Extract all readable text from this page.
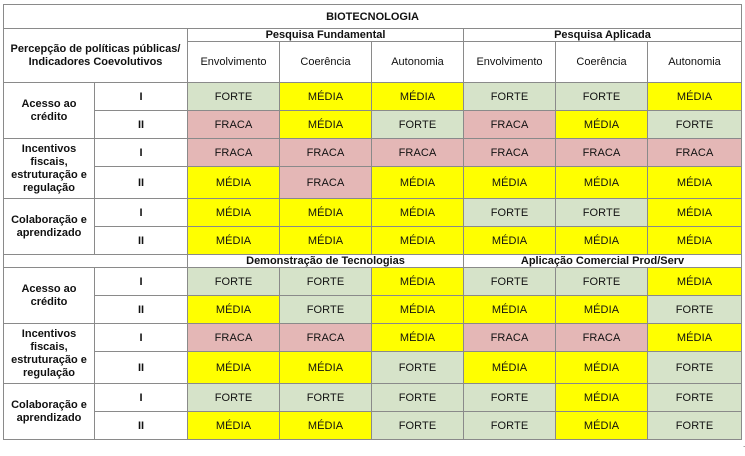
BIOTECNOLOGIA							
Percepção de políticas públicas/ Indicadores Coevolutivos		Pesquisa Fundamental			Pesquisa Aplicada		
		Envolvimento	Coerência	Autonomia	Envolvimento	Coerência	Autonomia
Acesso ao crédito	I	FORTE	MÉDIA	MÉDIA	FORTE	FORTE	MÉDIA
	II	FRACA	MÉDIA	FORTE	FRACA	MÉDIA	FORTE
Incentivos fiscais, estruturação e regulação	I	FRACA	FRACA	FRACA	FRACA	FRACA	FRACA
	II	MÉDIA	FRACA	MÉDIA	MÉDIA	MÉDIA	MÉDIA
Colaboração e aprendizado	I	MÉDIA	MÉDIA	MÉDIA	FORTE	FORTE	MÉDIA
	II	MÉDIA	MÉDIA	MÉDIA	MÉDIA	MÉDIA	MÉDIA
		Demonstração de Tecnologias			Aplicação Comercial Prod/Serv		
Acesso ao crédito	I	FORTE	FORTE	MÉDIA	FORTE	FORTE	MÉDIA
	II	MÉDIA	FORTE	MÉDIA	MÉDIA	MÉDIA	FORTE
Incentivos fiscais, estruturação e regulação	I	FRACA	FRACA	MÉDIA	FRACA	FRACA	MÉDIA
	II	MÉDIA	MÉDIA	FORTE	MÉDIA	MÉDIA	FORTE
Colaboração e aprendizado	I	FORTE	FORTE	FORTE	FORTE	MÉDIA	FORTE
	II	MÉDIA	MÉDIA	FORTE	FORTE	MÉDIA	FORTE
